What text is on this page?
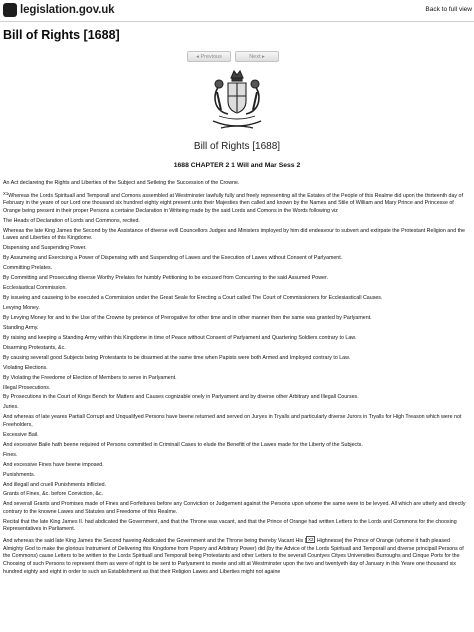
legislation.gov.uk	Back to full view
Bill of Rights [1688]
◂ Previous	Next ▸
Bill of Rights [1688]
1688 CHAPTER 2 1 Will and Mar Sess 2

An Act declareing the Rights and Liberties of the Subject and Setleing the Succession of the Crowne.

$^{X1}$Whereas the Lords Spirituall and Temporall and Comons assembled at Westminster lawfully fully and freely representing all the Estates of the People of this Realme did upon the thirteenth day of February in the yeare of our Lord one thousand six hundred eighty eight present unto their Majesties then called and known by the Names and Stile of William and Mary Prince and Princesse of Orange being present in their proper Persons a certaine Declaration in Writeing made by the said Lords and Comons in the Words following viz

The Heads of Declaration of Lords and Commons, recited.

Whereas the late King James the Second by the Assistance of diverse evill Councellors Judges and Ministers imployed by him did endeavour to subvert and extirpate the Protestant Religion and the Lawes and Liberties of this Kingdome.

Dispensing and Suspending Power.

By Assumeing and Exercising a Power of Dispensing with and Suspending of Lawes and the Execution of Lawes without Consent of Parlyament.

Committing Prelates.

By Committing and Prosecuting diverse Worthy Prelates for humbly Petitioning to be excused from Concurring to the said Assumed Power.

Ecclesiastical Commission.

By issueing and causeing to be executed a Commission under the Great Seale for Erecting a Court called The Court of Commissioners for Ecclesiasticall Causes.

Levying Money.

By Levying Money for and to the Use of the Crowne by pretence of Prerogative for other time and in other manner then the same was granted by Parlyament.

Standing Army.

By raising and keeping a Standing Army within this Kingdome in time of Peace without Consent of Parlyament and Quartering Soldiers contrary to Law.

Disarming Protestants, &c.

By causing severall good Subjects being Protestants to be disarmed at the same time when Papists were both Armed and Imployed contrary to Law.

Violating Elections.

By Violating the Freedome of Election of Members to serve in Parlyament.

Illegal Prosecutions.

By Prosecutions in the Court of Kings Bench for Matters and Causes cognizable onely in Parlyament and by diverse other Arbitrary and Illegall Courses.

Juries.

And whereas of late yeares Partiall Corrupt and Unqualifyed Persons have beene returned and served on Juryes in Tryalls and particularly diverse Jurors in Tryalls for High Treason which were not Freeholders,

Excessive Bail.

And excessive Baile hath beene required of Persons committed in Criminall Cases to elude the Benefitt of the Lawes made for the Liberty of the Subjects.

Fines.

And excessive Fines have beene imposed.

Punishments.

And illegall and cruell Punishments inflicted.

Grants of Fines, &c. before Conviction, &c.

And severall Grants and Promises made of Fines and Forfeitures before any Conviction or Judgement against the Persons upon whome the same were to be levyed. All which are utterly and directly contrary to the knowne Lawes and Statutes and Freedome of this Realme.

Recital that the late King James II. had abdicated the Government, and that the Throne was vacant, and that the Prince of Orange had written Letters to the Lords and Commons for the choosing Representatives in Parliament.

And whereas the said late King James the Second haveing Abdicated the Government and the Throne being thereby Vacant His [ X2 Highnesse] the Prince of Orange (whome it hath pleased Almighty God to make the glorious Instrument of Delivering this Kingdome from Popery and Arbitrary Power) did (by the Advice of the Lords Spirituall and Temporall and diverse principall Persons of the Commons) cause Letters to be written to the Lords Spirituall and Temporall being Protestants and other Letters to the severall Countyes Cityes Universities Burroughs and Cinque Ports for the Choosing of such Persons to represent them as were of right to be sent to Parlyament to meete and sitt at Westminster upon the two and twentyeth day of January in this Yeare one thousand six hundred eighty and eight in order to such an Establishment as that their Religion Lawes and Liberties might not againe
